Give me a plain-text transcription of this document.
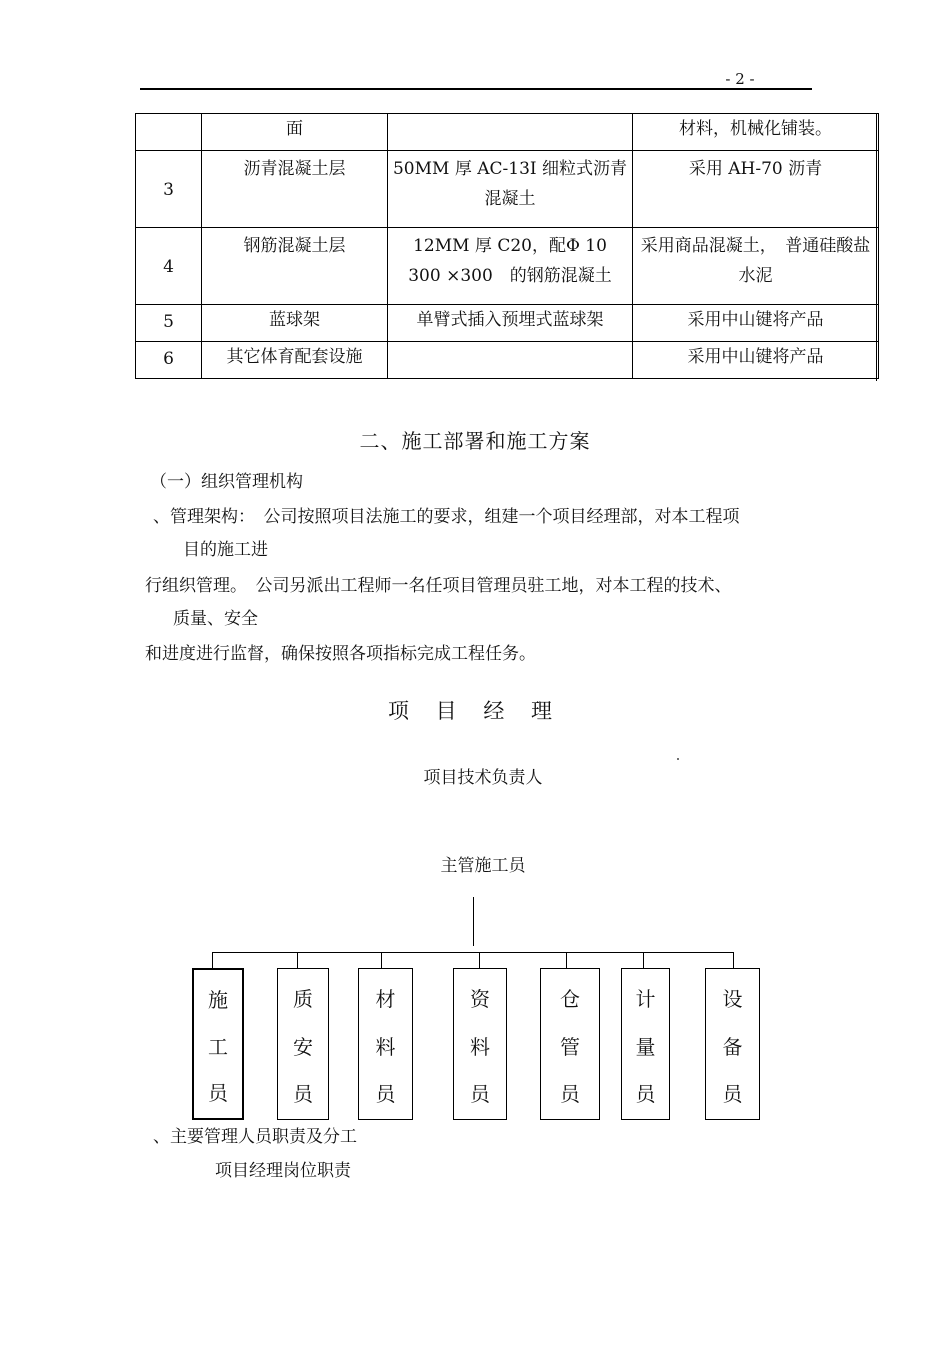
- 2 -
	面		材料，机械化铺装。
3	沥青混凝土层	50MM 厚 AC-13I 细粒式沥青混凝土	采用 AH-70 沥青
4	钢筋混凝土层	12MM 厚 C20，配Φ 10　300 ×300　的钢筋混凝土	采用商品混凝土，　普通硅酸盐水泥
5	蓝球架	单臂式插入预埋式蓝球架	采用中山键将产品
6	其它体育配套设施		采用中山键将产品
二、施工部署和施工方案
（一）组织管理机构
、管理架构：　公司按照项目法施工的要求，组建一个项目经理部，对本工程项
目的施工进
行组织管理。　公司另派出工程师一名任项目管理员驻工地，对本工程的技术、
质量、安全
和进度进行监督，确保按照各项指标完成工程任务。
项 目 经 理
项目技术负责人
主管施工员
施
工
员
质
安
员
材
料
员
资
料
员
仓
管
员
计
量
员
设
备
员
、主要管理人员职责及分工
项目经理岗位职责
